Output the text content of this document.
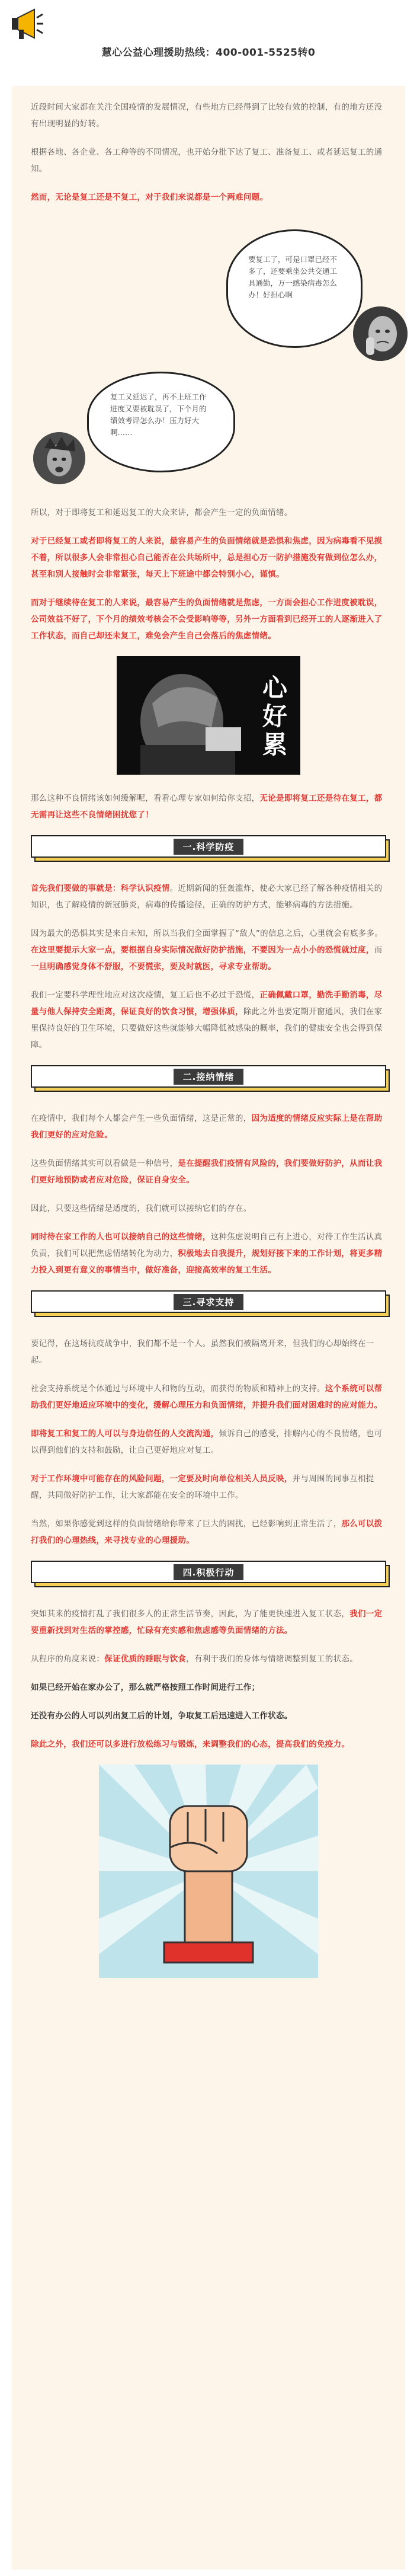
慧心公益心理援助热线：400-001-5525转0

近段时间大家都在关注全国疫情的发展情况，有些地方已经得到了比较有效的控制，有的地方还没有出现明显的好转。

根据各地、各企业、各工种等的不同情况，也开始分批下达了复工、准备复工、或者延迟复工的通知。

然而，无论是复工还是不复工，对于我们来说都是一个两难问题。

要复工了，可是口罩已经不多了，还要乘坐公共交通工具通勤，万一感染病毒怎么办！好担心啊
复工又延迟了，再不上班工作进度又要被耽误了，下个月的绩效考评怎么办！压力好大啊……

所以，对于即将复工和延迟复工的大众来讲，都会产生一定的负面情绪。

对于已经复工或者即将复工的人来说，最容易产生的负面情绪就是恐惧和焦虑，因为病毒看不见摸不着，所以很多人会非常担心自己能否在公共场所中，总是担心万一防护措施没有做到位怎么办，甚至和别人接触时会非常紧张，每天上下班途中都会特别小心，谨慎。

而对于继续待在复工的人来说，最容易产生的负面情绪就是焦虑，一方面会担心工作进度被耽误，公司效益不好了，下个月的绩效考核会不会受影响等等，另外一方面看到已经开工的人逐渐进入了工作状态，而自己却还未复工，难免会产生自己会落后的焦虑情绪。

心好累

那么这种不良情绪该如何缓解呢，看看心理专家如何给你支招，无论是即将复工还是待在复工，都无需再让这些不良情绪困扰您了！

一.科学防疫

首先我们要做的事就是：科学认识疫情。近期新闻的狂轰滥炸，使必大家已经了解各种疫情相关的知识，也了解疫情的新冠肺炎，病毒的传播途径，正确的防护方式，能够病毒的方法措施。

因为最大的恐惧其实是来自未知，所以当我们全面掌握了“敌人”的信息之后，心里就会有底多多。在这里要提示大家一点，要根据自身实际情况做好防护措施，不要因为一点小小的恐慌就过度，而一旦明确感觉身体不舒服，不要慌张，要及时就医，寻求专业帮助。

我们一定要科学理性地应对这次疫情，复工后也不必过于恐慌，正确佩戴口罩，勤洗手勤消毒，尽量与他人保持安全距离，保证良好的饮食习惯，增强体质，除此之外也要定期开窗通风，我们在家里保持良好的卫生环境，只要做好这些就能够大幅降低被感染的概率，我们的健康安全也会得到保障。

二.接纳情绪

在疫情中，我们每个人都会产生一些负面情绪，这是正常的，因为适度的情绪反应实际上是在帮助我们更好的应对危险。

这些负面情绪其实可以看做是一种信号，是在提醒我们疫情有风险的，我们要做好防护，从而让我们更好地预防或者应对危险，保证自身安全。

因此，只要这些情绪是适度的，我们就可以接纳它们的存在。

同时待在家工作的人也可以接纳自己的这些情绪，这种焦虑说明自己有上进心，对待工作生活认真负责，我们可以把焦虑情绪转化为动力，积极地去自我提升，规划好接下来的工作计划，将更多精力投入到更有意义的事情当中，做好准备，迎接高效率的复工生活。

三.寻求支持

要记得，在这场抗疫战争中，我们都不是一个人。虽然我们被隔离开来，但我们的心却始终在一起。

社会支持系统是个体通过与环境中人和物的互动，而获得的物质和精神上的支持。这个系统可以帮助我们更好地适应环境中的变化，缓解心理压力和负面情绪，并提升我们面对困难时的应对能力。

即将复工和复工的人可以与身边信任的人交流沟通，倾诉自己的感受，排解内心的不良情绪，也可以得到他们的支持和鼓励，让自己更好地应对复工。

对于工作环境中可能存在的风险问题，一定要及时向单位相关人员反映，并与周围的同事互相提醒，共同做好防护工作，让大家都能在安全的环境中工作。

当然，如果你感觉到这样的负面情绪给你带来了巨大的困扰，已经影响到正常生活了，那么可以拨打我们的心理热线，来寻找专业的心理援助。

四.积极行动

突如其来的疫情打乱了我们很多人的正常生活节奏，因此，为了能更快速进入复工状态，我们一定要重新找到对生活的掌控感，忙碌有充实感和焦虑感等负面情绪的方法。

从程序的角度来说：保证优质的睡眠与饮食，有利于我们的身体与情绪调整到复工的状态。

如果已经开始在家办公了，那么就严格按照工作时间进行工作；

还没有办公的人可以列出复工后的计划，争取复工后迅速进入工作状态。

除此之外，我们还可以多进行放松练习与锻炼，来调整我们的心态，提高我们的免疫力。
